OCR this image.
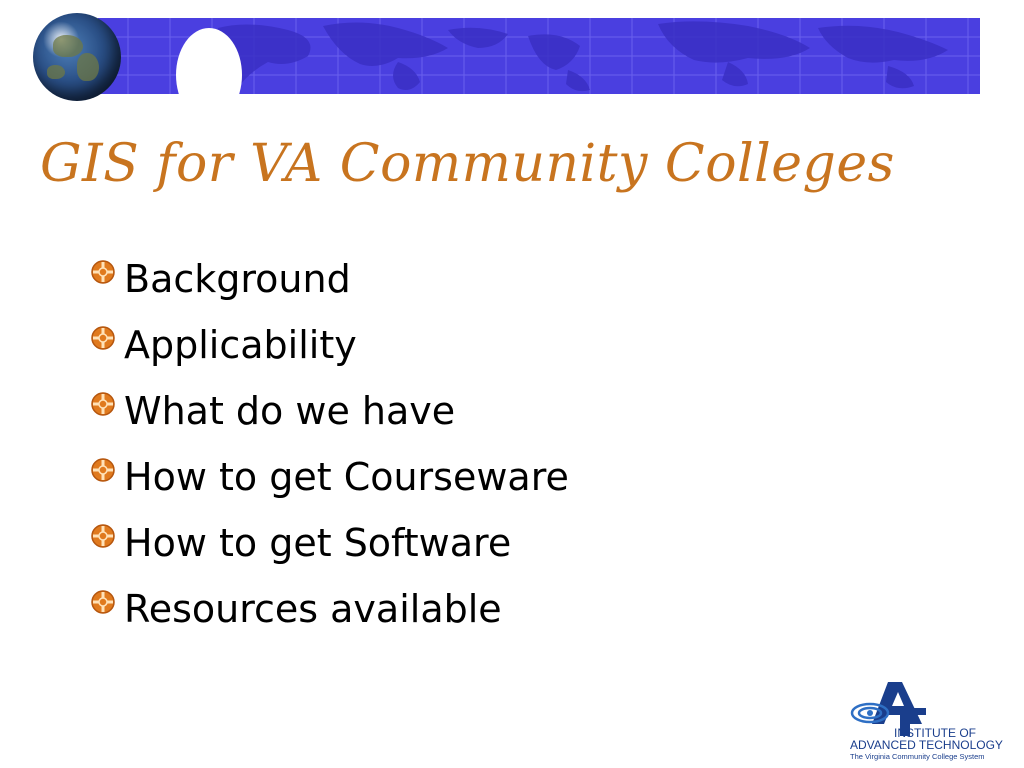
GIS for VA Community Colleges
Background
Applicability
What do we have
How to get Courseware
How to get Software
Resources available
INSTITUTE OF
ADVANCED TECHNOLOGY
The Virginia Community College System
